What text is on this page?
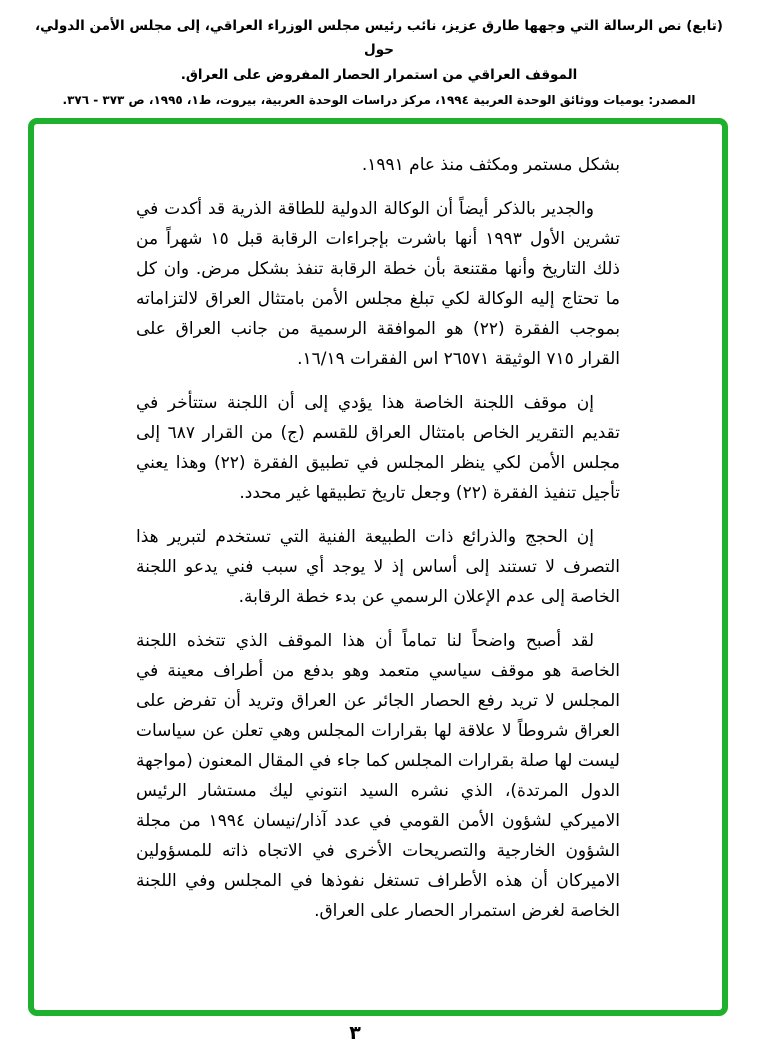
(تابع) نص الرسالة التي وجهها طارق عزيز، نائب رئيس مجلس الوزراء العراقي، إلى مجلس الأمن الدولي، حول
الموقف العراقي من استمرار الحصار المفروض على العراق.
المصدر: يوميات ووثائق الوحدة العربية ١٩٩٤، مركز دراسات الوحدة العربية، بيروت، ط١، ١٩٩٥، ص ٣٧٣ - ٣٧٦.

بشكل مستمر ومكثف منذ عام ١٩٩١.

والجدير بالذكر أيضاً أن الوكالة الدولية للطاقة الذرية قد أكدت في تشرين الأول ١٩٩٣ أنها باشرت بإجراءات الرقابة قبل ١٥ شهراً من ذلك التاريخ وأنها مقتنعة بأن خطة الرقابة تنفذ بشكل مرض. وان كل ما تحتاج إليه الوكالة لكي تبلغ مجلس الأمن بامتثال العراق لالتزاماته بموجب الفقرة (٢٢) هو الموافقة الرسمية من جانب العراق على القرار ٧١٥ الوثيقة ٢٦٥٧١ اس الفقرات ١٦/١٩.

إن موقف اللجنة الخاصة هذا يؤدي إلى أن اللجنة ستتأخر في تقديم التقرير الخاص بامتثال العراق للقسم (ج) من القرار ٦٨٧ إلى مجلس الأمن لكي ينظر المجلس في تطبيق الفقرة (٢٢) وهذا يعني تأجيل تنفيذ الفقرة (٢٢) وجعل تاريخ تطبيقها غير محدد.

إن الحجج والذرائع ذات الطبيعة الفنية التي تستخدم لتبرير هذا التصرف لا تستند إلى أساس إذ لا يوجد أي سبب فني يدعو اللجنة الخاصة إلى عدم الإعلان الرسمي عن بدء خطة الرقابة.

لقد أصبح واضحاً لنا تماماً أن هذا الموقف الذي تتخذه اللجنة الخاصة هو موقف سياسي متعمد وهو بدفع من أطراف معينة في المجلس لا تريد رفع الحصار الجائر عن العراق وتريد أن تفرض على العراق شروطاً لا علاقة لها بقرارات المجلس وهي تعلن عن سياسات ليست لها صلة بقرارات المجلس كما جاء في المقال المعنون (مواجهة الدول المرتدة)، الذي نشره السيد انتوني ليك مستشار الرئيس الاميركي لشؤون الأمن القومي في عدد آذار/نيسان ١٩٩٤ من مجلة الشؤون الخارجية والتصريحات الأخرى في الاتجاه ذاته للمسؤولين الاميركان أن هذه الأطراف تستغل نفوذها في المجلس وفي اللجنة الخاصة لغرض استمرار الحصار على العراق.

٣
